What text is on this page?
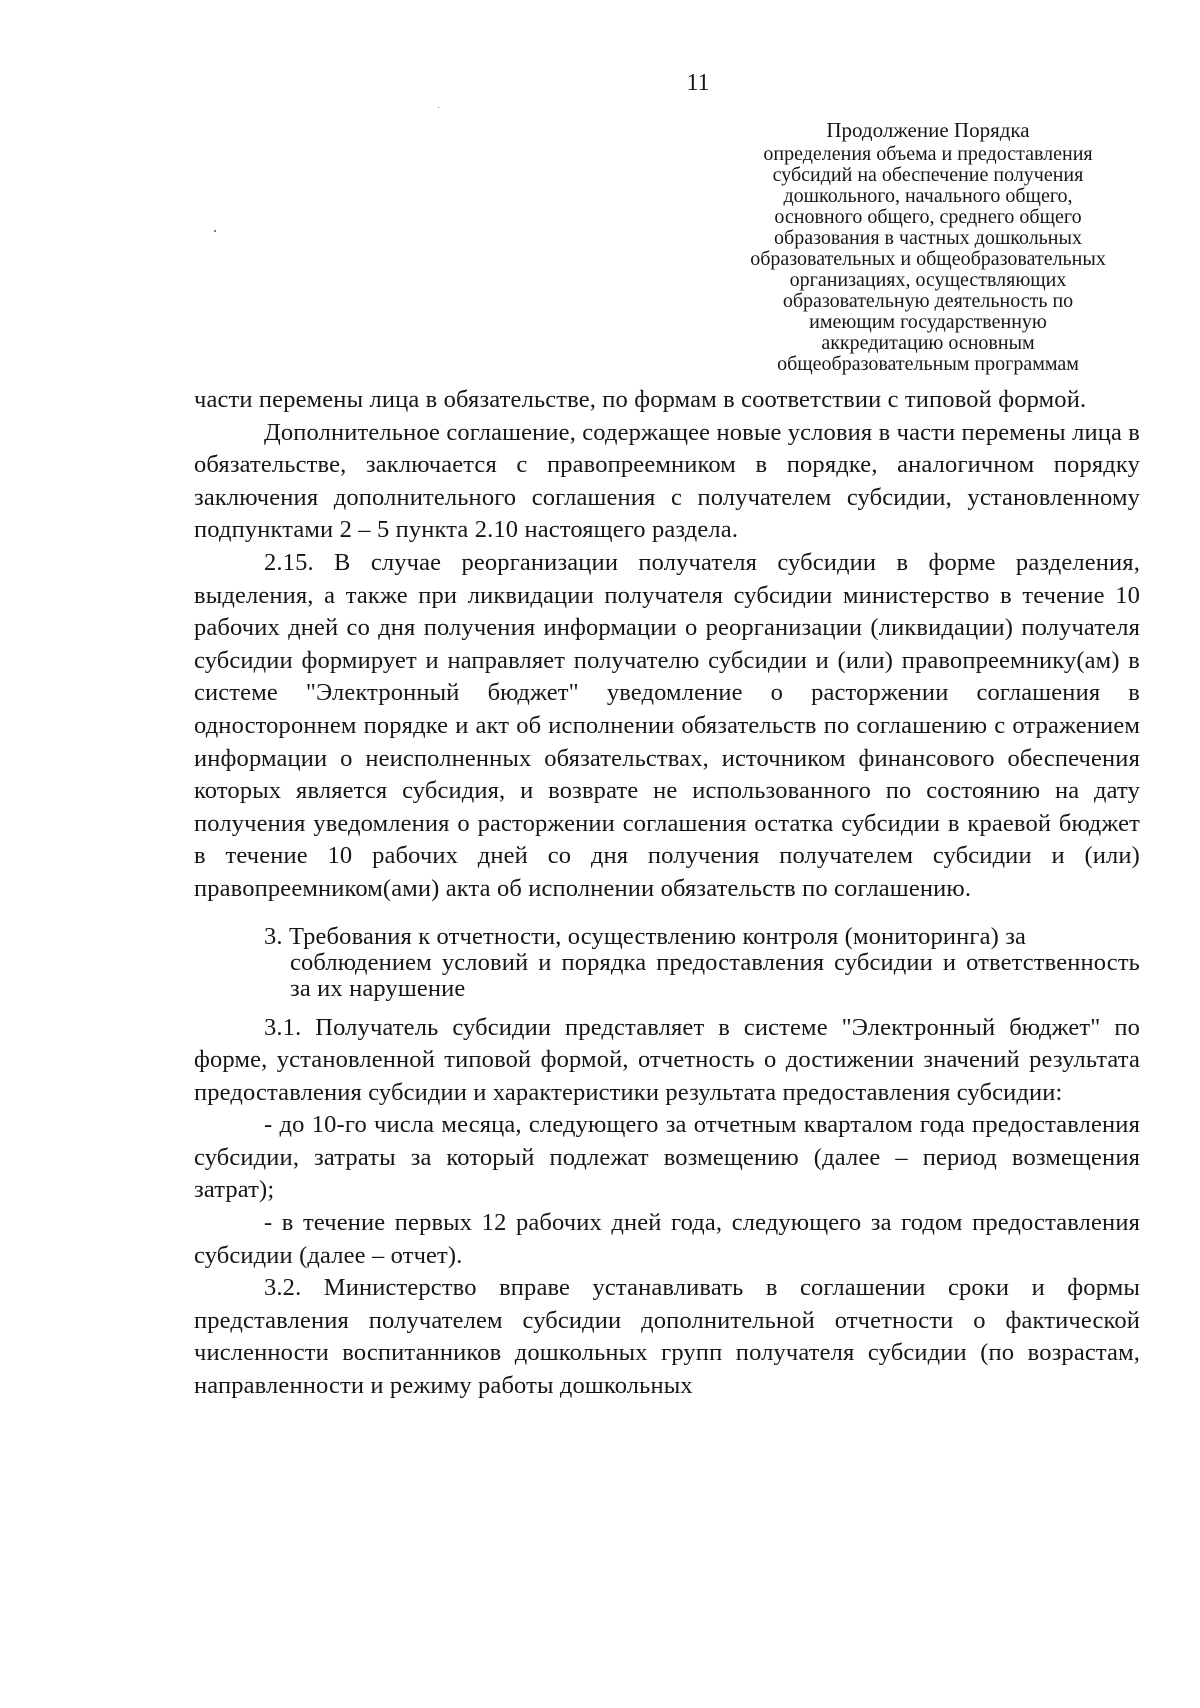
11
Продолжение Порядка
определения объема и предоставления
субсидий на обеспечение получения
дошкольного, начального общего,
основного общего, среднего общего
образования в частных дошкольных
образовательных и общеобразовательных
организациях, осуществляющих
образовательную деятельность по
имеющим государственную
аккредитацию основным
общеобразовательным программам

части перемены лица в обязательстве, по формам в соответствии с типовой формой.

Дополнительное соглашение, содержащее новые условия в части перемены лица в обязательстве, заключается с правопреемником в порядке, аналогичном порядку заключения дополнительного соглашения с получателем субсидии, установленному подпунктами 2 – 5 пункта 2.10 настоящего раздела.

2.15. В случае реорганизации получателя субсидии в форме разделения, выделения, а также при ликвидации получателя субсидии министерство в течение 10 рабочих дней со дня получения информации о реорганизации (ликвидации) получателя субсидии формирует и направляет получателю субсидии и (или) правопреемнику(ам) в системе "Электронный бюджет" уведомление о расторжении соглашения в одностороннем порядке и акт об исполнении обязательств по соглашению с отражением информации о неисполненных обязательствах, источником финансового обеспечения которых является субсидия, и возврате не использованного по состоянию на дату получения уведомления о расторжении соглашения остатка субсидии в краевой бюджет в течение 10 рабочих дней со дня получения получателем субсидии и (или) правопреемником(ами) акта об исполнении обязательств по соглашению.

3. Требования к отчетности, осуществлению контроля (мониторинга) за
соблюдением условий и порядка предоставления субсидии и ответственность за их нарушение

3.1. Получатель субсидии представляет в системе "Электронный бюджет" по форме, установленной типовой формой, отчетность о достижении значений результата предоставления субсидии и характеристики результата предоставления субсидии:

- до 10-го числа месяца, следующего за отчетным кварталом года предоставления субсидии, затраты за который подлежат возмещению (далее – период возмещения затрат);

- в течение первых 12 рабочих дней года, следующего за годом предоставления субсидии (далее – отчет).

3.2. Министерство вправе устанавливать в соглашении сроки и формы представления получателем субсидии дополнительной отчетности о фактической численности воспитанников дошкольных групп получателя субсидии (по возрастам, направленности и режиму работы дошкольных
